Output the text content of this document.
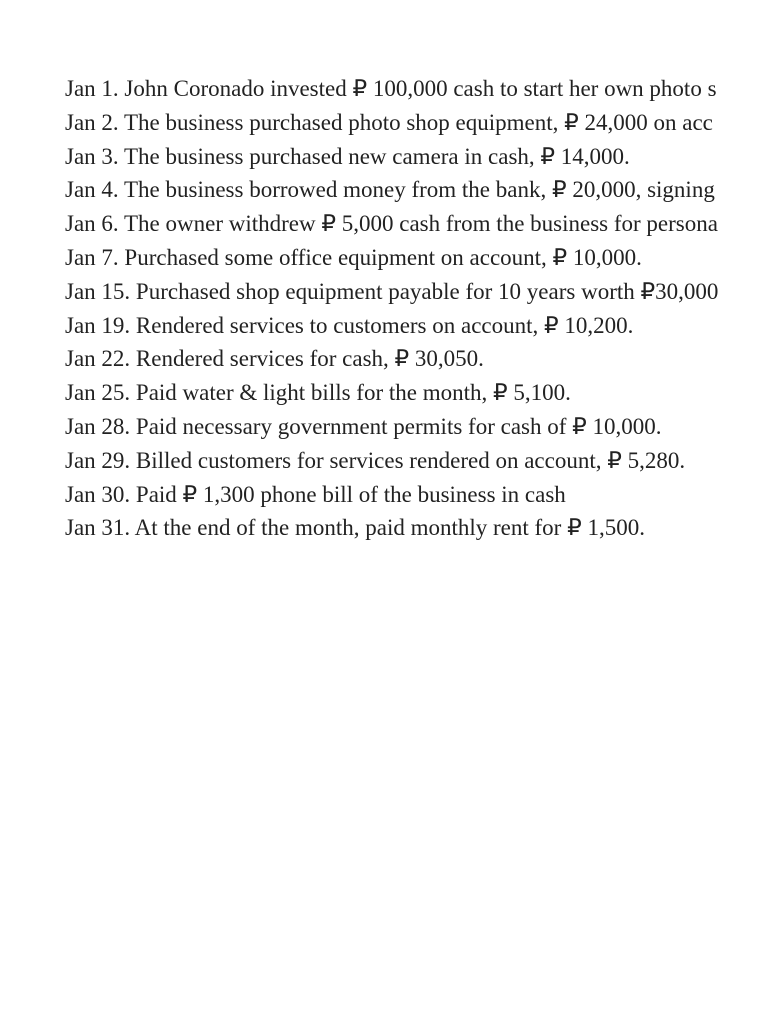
Jan 1. John Coronado invested ₽ 100,000 cash to start her own photo s
Jan 2. The business purchased photo shop equipment, ₽ 24,000 on acc
Jan 3. The business purchased new camera in cash, ₽ 14,000.
Jan 4. The business borrowed money from the bank, ₽ 20,000, signing
Jan 6. The owner withdrew ₽ 5,000 cash from the business for persona
Jan 7. Purchased some office equipment on account, ₽ 10,000.
Jan 15. Purchased shop equipment payable for 10 years worth ₽30,000
Jan 19. Rendered services to customers on account, ₽ 10,200.
Jan 22. Rendered services for cash, ₽ 30,050.
Jan 25. Paid water & light bills for the month, ₽ 5,100.
Jan 28. Paid necessary government permits for cash of ₽ 10,000.
Jan 29. Billed customers for services rendered on account, ₽ 5,280.
Jan 30. Paid ₽ 1,300 phone bill of the business in cash
Jan 31. At the end of the month, paid monthly rent for ₽ 1,500.
